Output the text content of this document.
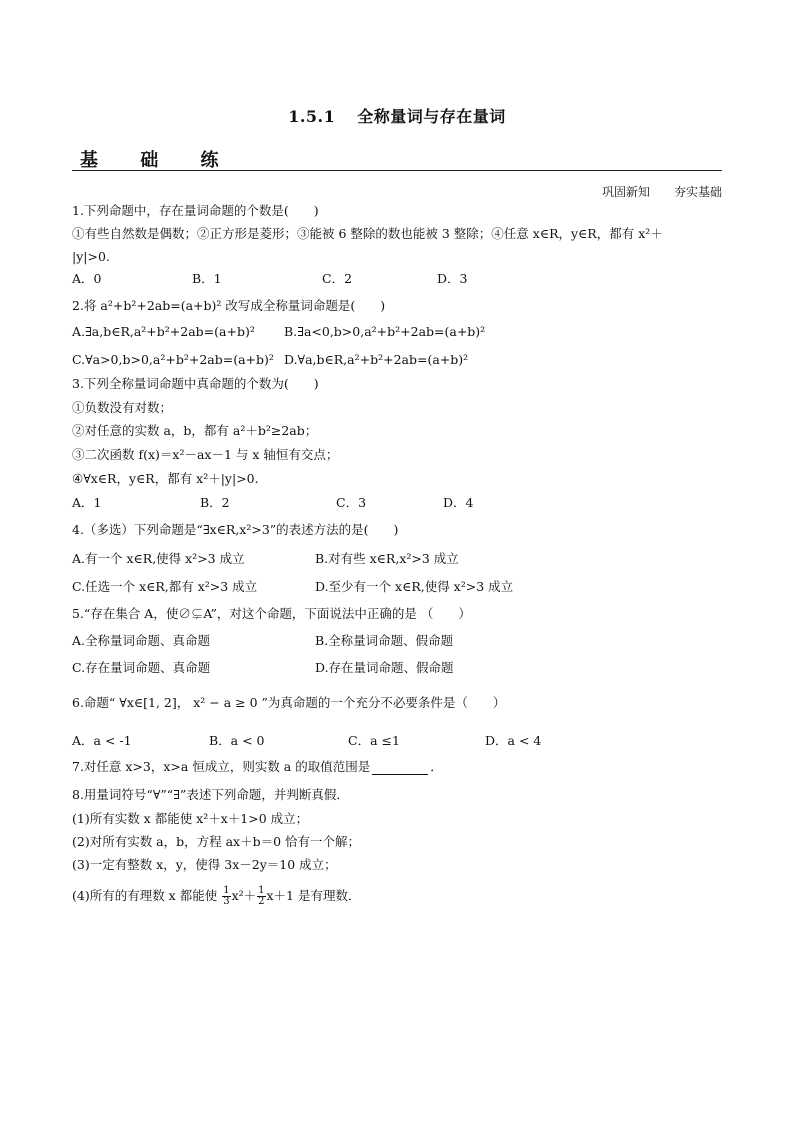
1.5.1 全称量词与存在量词
基 础 练
巩固新知 夯实基础
1.下列命题中，存在量词命题的个数是(　　)
①有些自然数是偶数；②正方形是菱形；③能被 6 整除的数也能被 3 整除；④任意 x∈R，y∈R，都有 x²＋
|y|>0.
A．0	B．1	C．2	D．3
2.将 a²+b²+2ab=(a+b)² 改写成全称量词命题是(　　)
A.∃a,b∈R,a²+b²+2ab=(a+b)² B.∃a<0,b>0,a²+b²+2ab=(a+b)²
C.∀a>0,b>0,a²+b²+2ab=(a+b)² D.∀a,b∈R,a²+b²+2ab=(a+b)²
3.下列全称量词命题中真命题的个数为(　　)
①负数没有对数；
②对任意的实数 a，b，都有 a²＋b²≥2ab；
③二次函数 f(x)＝x²－ax－1 与 x 轴恒有交点；
④∀x∈R，y∈R，都有 x²＋|y|>0.
A．1	B．2	C．3	D．4
4.（多选）下列命题是“∃x∈R,x²>3”的表述方法的是(　　)
A.有一个 x∈R,使得 x²>3 成立	B.对有些 x∈R,x²>3 成立
C.任选一个 x∈R,都有 x²>3 成立	D.至少有一个 x∈R,使得 x²>3 成立
5.“存在集合 A，使∅⊊A”，对这个命题，下面说法中正确的是 （　　）
A.全称量词命题、真命题	B.全称量词命题、假命题
C.存在量词命题、真命题	D.存在量词命题、假命题
6.命题“ ∀x∈[1, 2]， x² − a ≥ 0 ”为真命题的一个充分不必要条件是（　　）
A．a < -1	B．a < 0	C．a ≤1	D．a < 4
7.对任意 x>3，x>a 恒成立，则实数 a 的取值范围是	．
8.用量词符号“∀”“∃”表述下列命题，并判断真假．
(1)所有实数 x 都能使 x²＋x＋1>0 成立；
(2)对所有实数 a，b，方程 ax＋b＝0 恰有一个解；
(3)一定有整数 x，y，使得 3x－2y＝10 成立；
(4)所有的有理数 x 都能使 $\frac{1}{3} x^2+ \frac{1}{2} x+1$ 是有理数．
